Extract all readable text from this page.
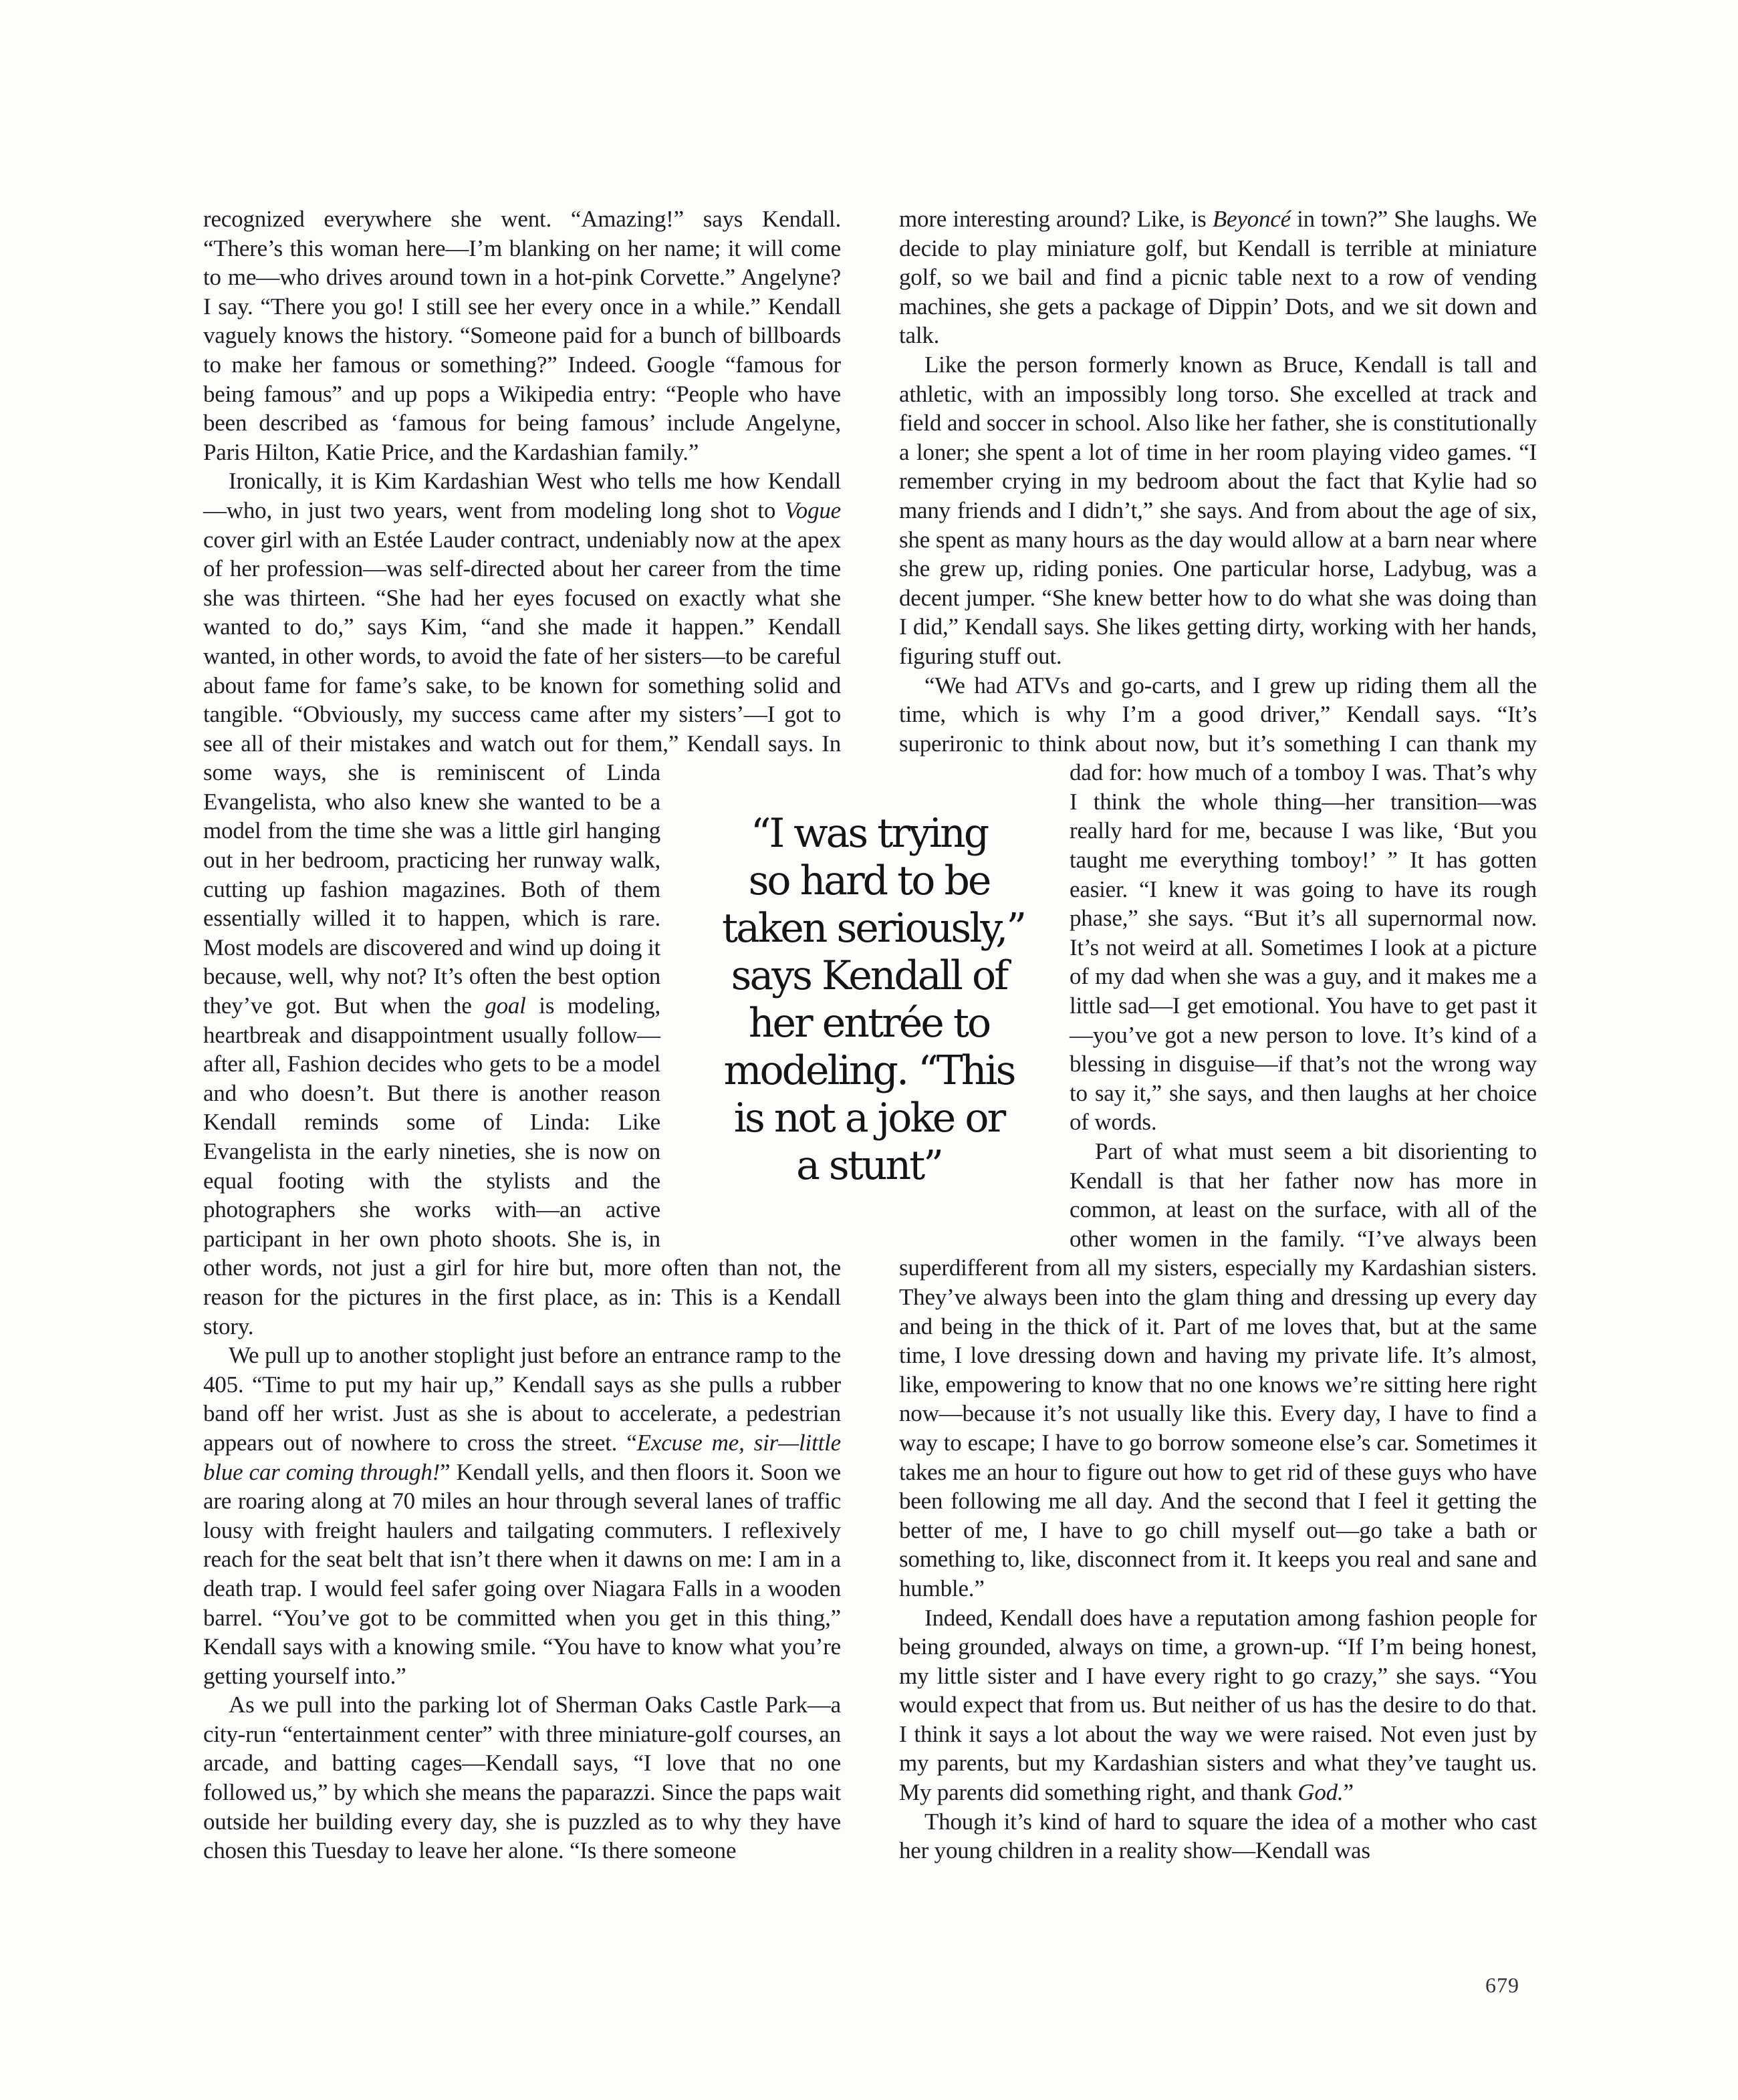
recognized everywhere she went. “Amazing!” says Kendall. “There’s this woman here—I’m blanking on her name; it will come to me—who drives around town in a hot-pink Corvette.” Angelyne? I say. “There you go! I still see her every once in a while.” Kendall vaguely knows the history. “Someone paid for a bunch of billboards to make her famous or something?” Indeed. Google “famous for being famous” and up pops a Wikipedia entry: “People who have been described as ‘famous for being famous’ include Angelyne, Paris Hilton, Katie Price, and the Kardashian family.”

Ironically, it is Kim Kardashian West who tells me how Kendall—who, in just two years, went from modeling long shot to Vogue cover girl with an Estée Lauder contract, undeniably now at the apex of her profession—was self-directed about her career from the time she was thirteen. “She had her eyes focused on exactly what she wanted to do,” says Kim, “and she made it happen.” Kendall wanted, in other words, to avoid the fate of her sisters—to be careful about fame for fame’s sake, to be known for something solid and tangible. “Obviously, my success came after my sisters’—I got to see all of their mistakes and watch out for them,” Kendall says. In some ways, she is reminiscent of Linda Evangelista, who also knew she wanted to be a model from the time she was a little girl hanging out in her bedroom, practicing her runway walk, cutting up fashion magazines. Both of them essentially willed it to happen, which is rare. Most models are discovered and wind up doing it because, well, why not? It’s often the best option they’ve got. But when the goal is modeling, heartbreak and disappointment usually follow—after all, Fashion decides who gets to be a model and who doesn’t. But there is another reason Kendall reminds some of Linda: Like Evangelista in the early nineties, she is now on equal footing with the stylists and the photographers she works with—an active participant in her own photo shoots. She is, in other words, not just a girl for hire but, more often than not, the reason for the pictures in the first place, as in: This is a Kendall story.

We pull up to another stoplight just before an entrance ramp to the 405. “Time to put my hair up,” Kendall says as she pulls a rubber band off her wrist. Just as she is about to accelerate, a pedestrian appears out of nowhere to cross the street. “Excuse me, sir—little blue car coming through!” Kendall yells, and then floors it. Soon we are roaring along at 70 miles an hour through several lanes of traffic lousy with freight haulers and tailgating commuters. I reflexively reach for the seat belt that isn’t there when it dawns on me: I am in a death trap. I would feel safer going over Niagara Falls in a wooden barrel. “You’ve got to be committed when you get in this thing,” Kendall says with a knowing smile. “You have to know what you’re getting yourself into.”

As we pull into the parking lot of Sherman Oaks Castle Park—a city-run “entertainment center” with three miniature-golf courses, an arcade, and batting cages—Kendall says, “I love that no one followed us,” by which she means the paparazzi. Since the paps wait outside her building every day, she is puzzled as to why they have chosen this Tuesday to leave her alone. “Is there someone

more interesting around? Like, is Beyoncé in town?” She laughs. We decide to play miniature golf, but Kendall is terrible at miniature golf, so we bail and find a picnic table next to a row of vending machines, she gets a package of Dippin’ Dots, and we sit down and talk.

Like the person formerly known as Bruce, Kendall is tall and athletic, with an impossibly long torso. She excelled at track and field and soccer in school. Also like her father, she is constitutionally a loner; she spent a lot of time in her room playing video games. “I remember crying in my bedroom about the fact that Kylie had so many friends and I didn’t,” she says. And from about the age of six, she spent as many hours as the day would allow at a barn near where she grew up, riding ponies. One particular horse, Ladybug, was a decent jumper. “She knew better how to do what she was doing than I did,” Kendall says. She likes getting dirty, working with her hands, figuring stuff out.

“We had ATVs and go-carts, and I grew up riding them all the time, which is why I’m a good driver,” Kendall says. “It’s superironic to think about now, but it’s something I can thank my dad for: how much of a tomboy I was. That’s why I think the whole thing—her transition—was really hard for me, because I was like, ‘But you taught me everything tomboy!’ ” It has gotten easier. “I knew it was going to have its rough phase,” she says. “But it’s all supernormal now. It’s not weird at all. Sometimes I look at a picture of my dad when she was a guy, and it makes me a little sad—I get emotional. You have to get past it—you’ve got a new person to love. It’s kind of a blessing in disguise—if that’s not the wrong way to say it,” she says, and then laughs at her choice of words.

Part of what must seem a bit disorienting to Kendall is that her father now has more in common, at least on the surface, with all of the other women in the family. “I’ve always been superdifferent from all my sisters, especially my Kardashian sisters. They’ve always been into the glam thing and dressing up every day and being in the thick of it. Part of me loves that, but at the same time, I love dressing down and having my private life. It’s almost, like, empowering to know that no one knows we’re sitting here right now—because it’s not usually like this. Every day, I have to find a way to escape; I have to go borrow someone else’s car. Sometimes it takes me an hour to figure out how to get rid of these guys who have been following me all day. And the second that I feel it getting the better of me, I have to go chill myself out—go take a bath or something to, like, disconnect from it. It keeps you real and sane and humble.”

Indeed, Kendall does have a reputation among fashion people for being grounded, always on time, a grown-up. “If I’m being honest, my little sister and I have every right to go crazy,” she says. “You would expect that from us. But neither of us has the desire to do that. I think it says a lot about the way we were raised. Not even just by my parents, but my Kardashian sisters and what they’ve taught us. My parents did something right, and thank God.”

Though it’s kind of hard to square the idea of a mother who cast her young children in a reality show—Kendall was

“I was trying
so hard to be
taken seriously,”
says Kendall of
her entrée to
modeling. “This
is not a joke or
a stunt”
679
